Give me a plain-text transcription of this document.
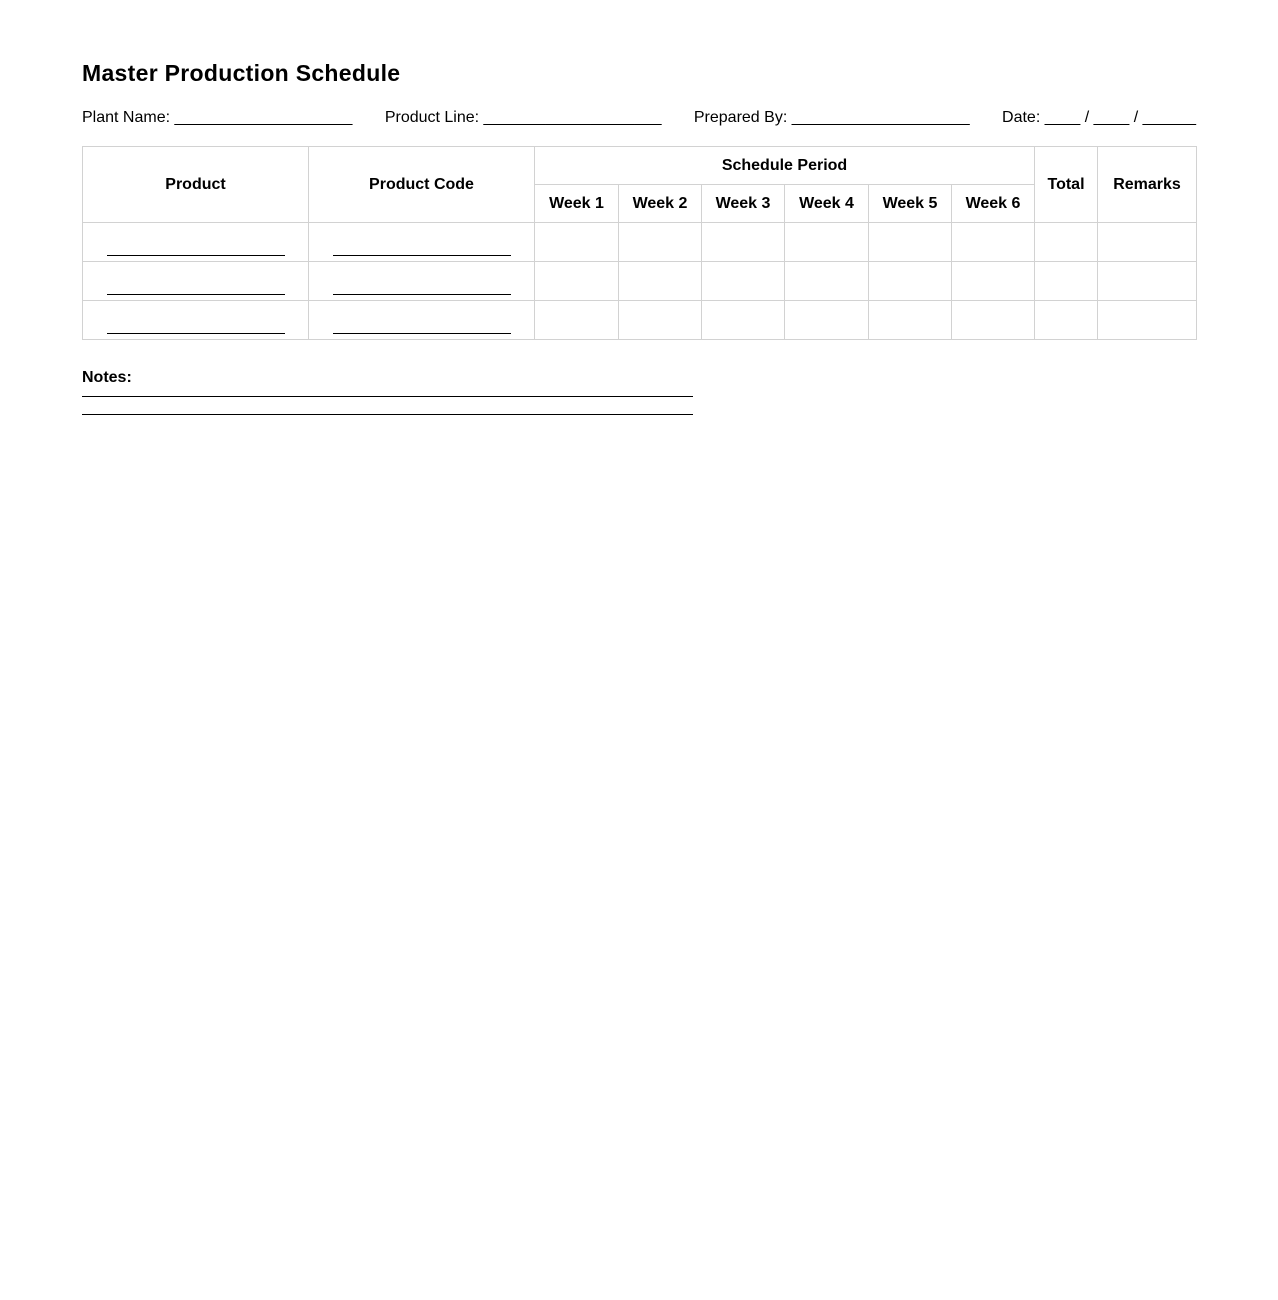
Master Production Schedule
Plant Name: ____________________ Product Line: ____________________ Prepared By: ____________________ Date: ____ / ____ / ______
Product	Product Code	Schedule Period						Total	Remarks
		Week 1	Week 2	Week 3	Week 4	Week 5	Week 6		

Notes:
